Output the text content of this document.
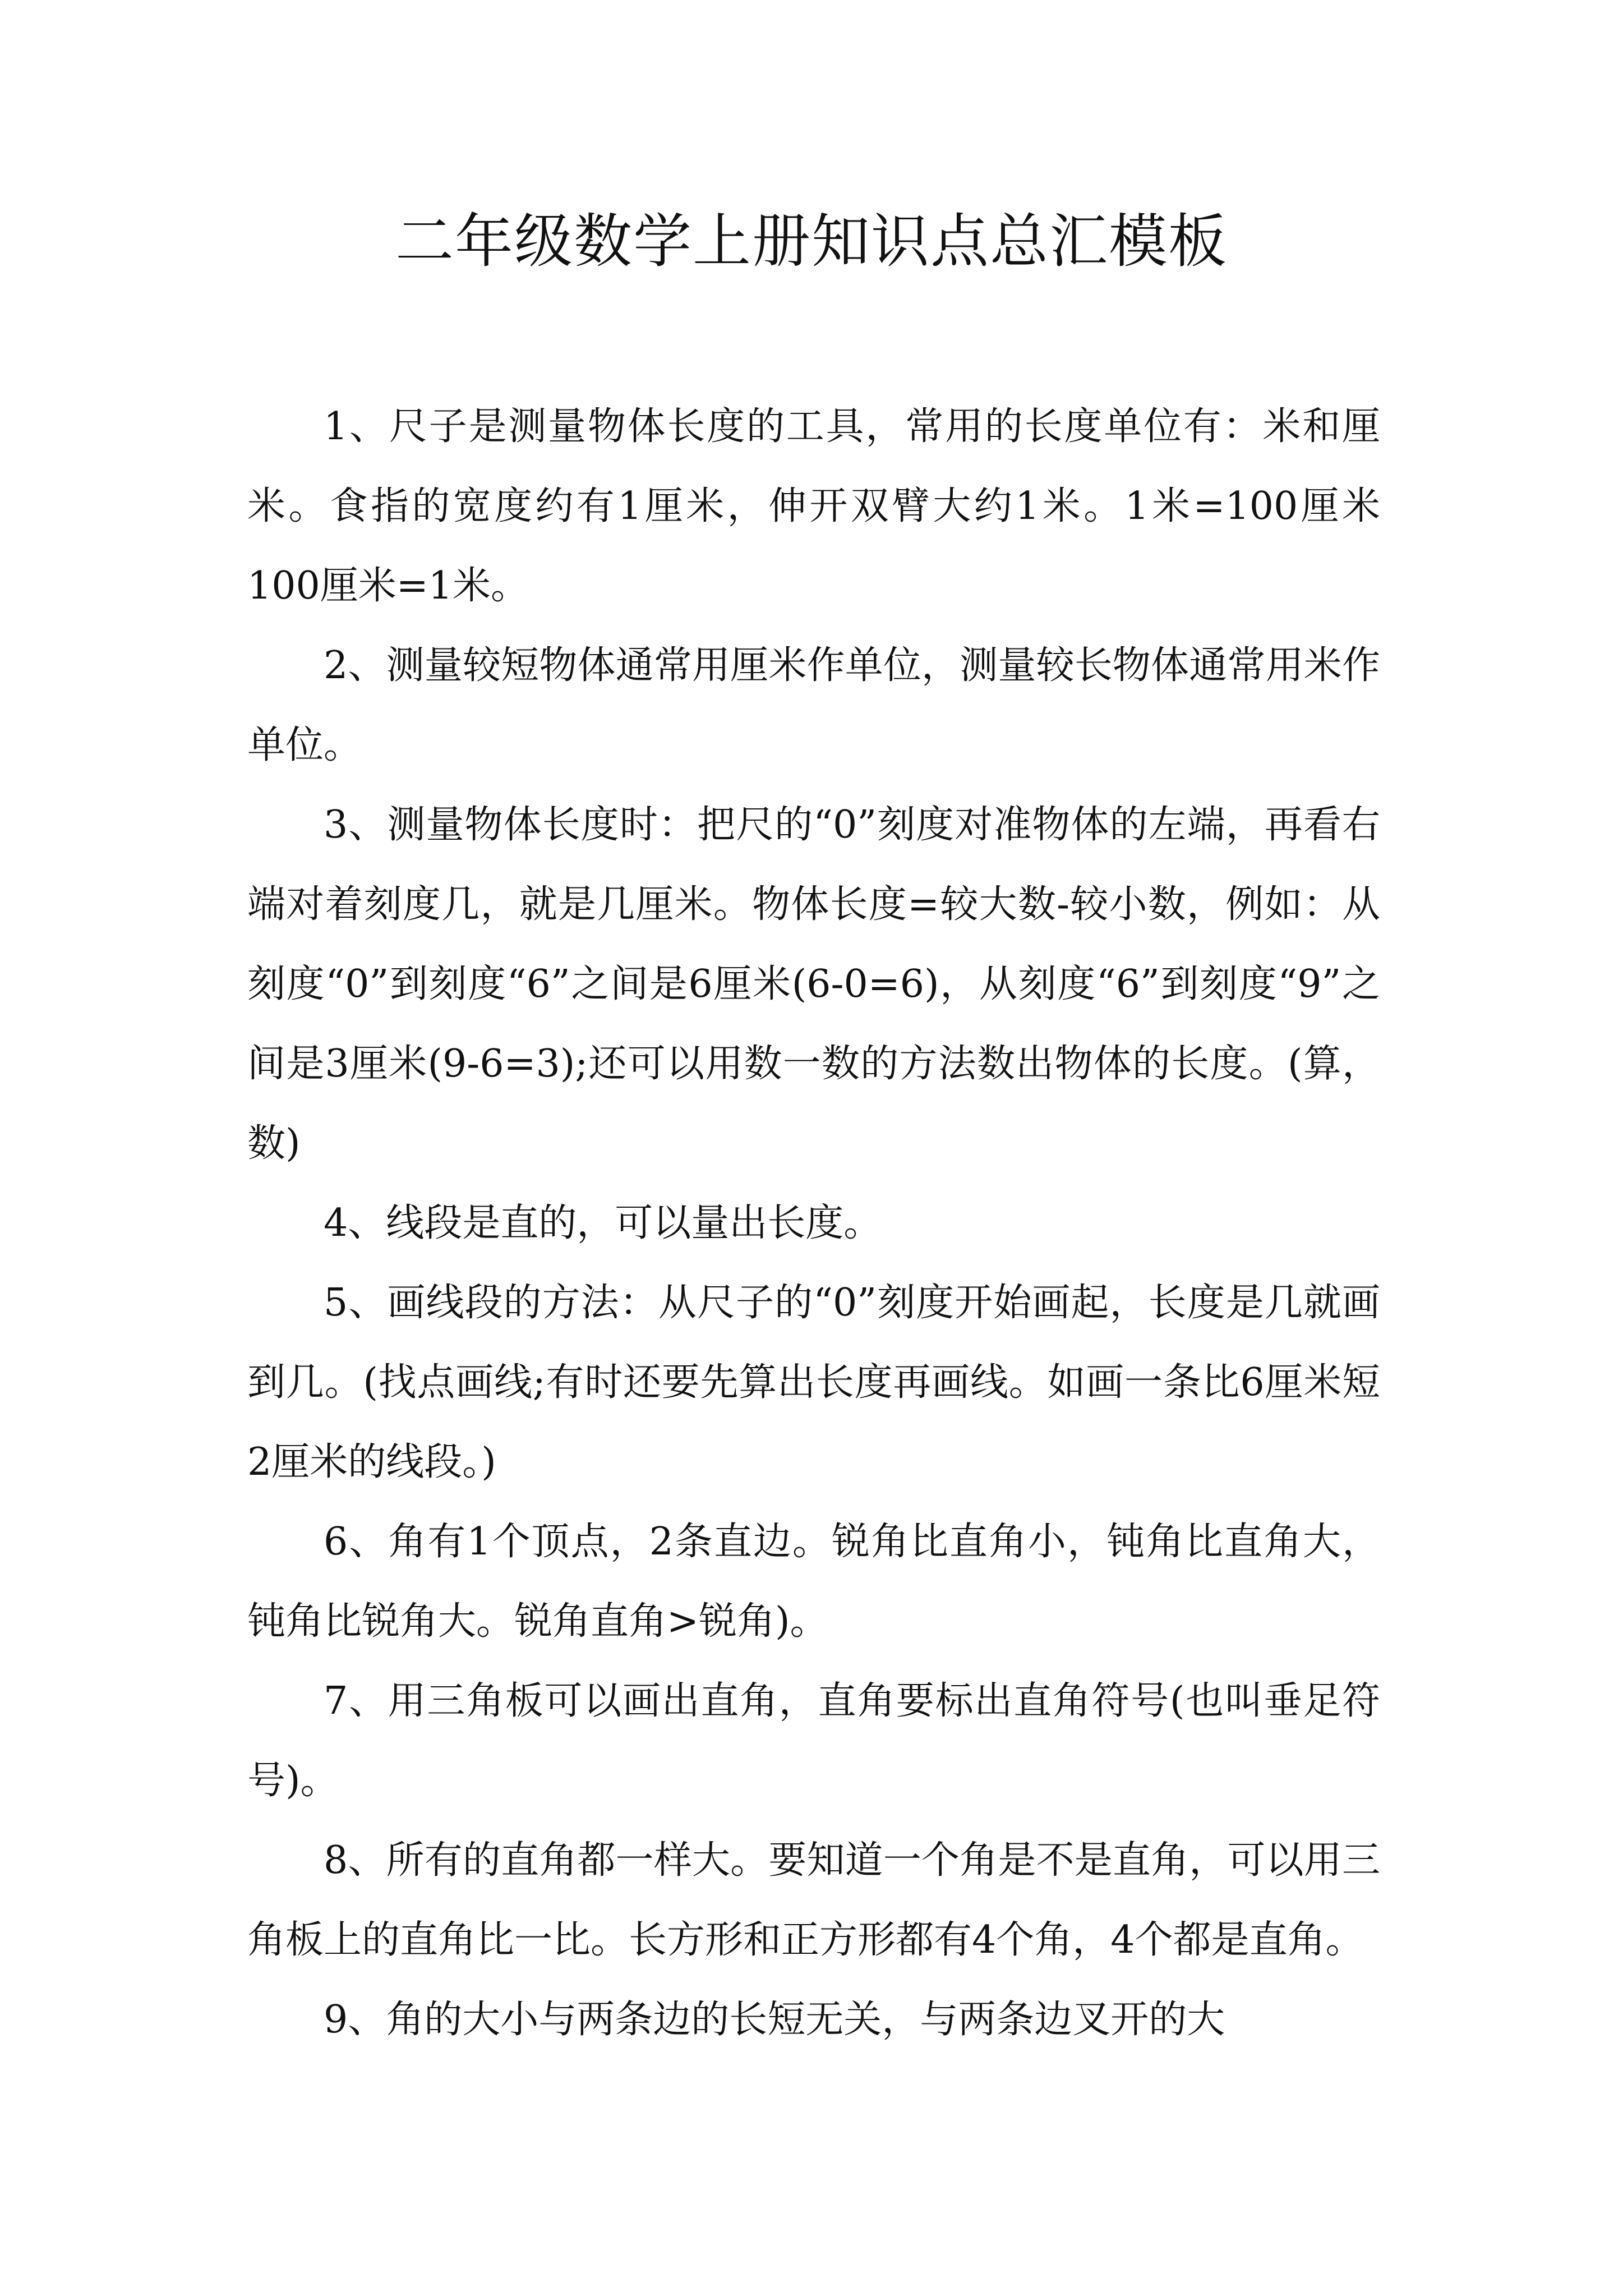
二年级数学上册知识点总汇模板

1、尺子是测量物体长度的工具，常用的长度单位有：米和厘米。食指的宽度约有1厘米，伸开双臂大约1米。1米=100厘米 100厘米=1米。

2、测量较短物体通常用厘米作单位，测量较长物体通常用米作单位。

3、测量物体长度时：把尺的“0”刻度对准物体的左端，再看右端对着刻度几，就是几厘米。物体长度=较大数-较小数，例如：从刻度“0”到刻度“6”之间是6厘米(6-0=6)，从刻度“6”到刻度“9”之间是3厘米(9-6=3);还可以用数一数的方法数出物体的长度。(算，数)

4、线段是直的，可以量出长度。

5、画线段的方法：从尺子的“0”刻度开始画起，长度是几就画到几。(找点画线;有时还要先算出长度再画线。如画一条比6厘米短2厘米的线段。)

6、角有1个顶点，2条直边。锐角比直角小，钝角比直角大，钝角比锐角大。锐角直角>锐角)。

7、用三角板可以画出直角，直角要标出直角符号(也叫垂足符号)。

8、所有的直角都一样大。要知道一个角是不是直角，可以用三角板上的直角比一比。长方形和正方形都有4个角，4个都是直角。

9、角的大小与两条边的长短无关，与两条边叉开的大
